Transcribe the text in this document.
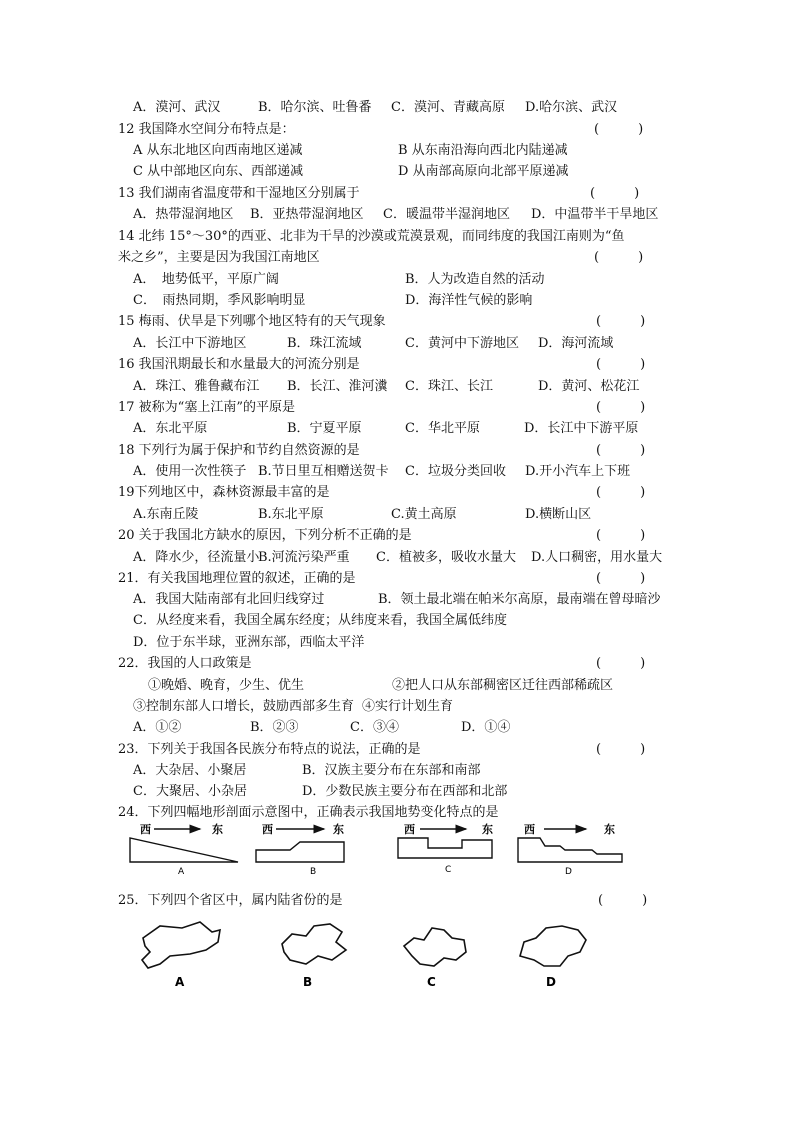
A．漠河、武汉	B．哈尔滨、吐鲁番 C．漠河、青藏高原 D.哈尔滨、武汉
12 我国降水空间分布特点是：	(　　　)
A 从东北地区向西南地区递减	B 从东南沿海向西北内陆递减
C 从中部地区向东、西部递减	D 从南部高原向北部平原递减
13 我们湖南省温度带和干湿地区分别属于	(　　　)
A．热带湿润地区 B．亚热带湿润地区 C．暖温带半湿润地区 D．中温带半干旱地区
14 北纬 15°～30°的西亚、北非为干旱的沙漠或荒漠景观，而同纬度的我国江南则为“鱼
米之乡”，主要是因为我国江南地区	(　　　)
A．　地势低平，平原广阔	B．人为改造自然的活动
C．　雨热同期，季风影响明显	D．海洋性气候的影响
15 梅雨、伏旱是下列哪个地区特有的天气现象	(　　　)
A．长江中下游地区	B．珠江流域	C．黄河中下游地区 D．海河流域
16 我国汛期最长和水量最大的河流分别是	(　　　)
A．珠江、雅鲁藏布江 B．长江、淮河瀵 C．珠江、长江	D．黄河、松花江
17 被称为“塞上江南”的平原是	(　　　)
A．东北平原	B．宁夏平原	C．华北平原	D．长江中下游平原
18 下列行为属于保护和节约自然资源的是	(　　　)
A．使用一次性筷子 B.节日里互相赠送贺卡 C．垃圾分类回收 D.开小汽车上下班
19下列地区中，森林资源最丰富的是	(　　　)
A.东南丘陵	B.东北平原	C.黄土高原	D.横断山区
20 关于我国北方缺水的原因，下列分析不正确的是	(　　　)
A．降水少，径流量小
B.河流污染严重 C．植被多，吸收水量大 D.人口稠密，用水量大
21．有关我国地理位置的叙述，正确的是	(　　　)
A．我国大陆南部有北回归线穿过	B．领土最北端在帕米尔高原，最南端在曾母暗沙
C．从经度来看，我国全属东经度；从纬度来看，我国全属低纬度
D．位于东半球，亚洲东部，西临太平洋
22．我国的人口政策是	(　　　)
①晚婚、晚育，少生、优生	②把人口从东部稠密区迁往西部稀疏区
③控制东部人口增长，鼓励西部多生育 ④实行计划生育
A．①②	B．②③	C．③④	D．①④
23．下列关于我国各民族分布特点的说法，正确的是	(　　　)
A．大杂居、小聚居	B．汉族主要分布在东部和南部
C．大聚居、小杂居	D．少数民族主要分布在西部和北部
24．下列四幅地形剖面示意图中，正确表示我国地势变化特点的是
西	东
A
西	东
B
西	东
C
西	东
D
25．下列四个省区中，属内陆省份的是	(　　　)
A	B	C	D
